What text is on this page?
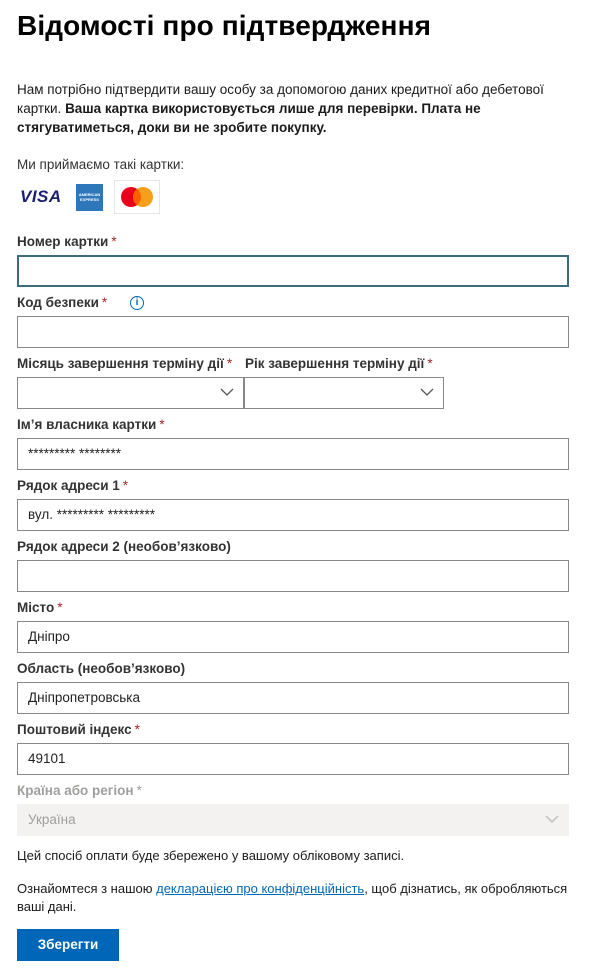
Відомості про підтвердження
Нам потрібно підтвердити вашу особу за допомогою даних кредитної або дебетової картки. Ваша картка використовується лише для перевірки. Плата не стягуватиметься, доки ви не зробите покупку.
Ми приймаємо такі картки:
VISA	AMERICAN EXPRESS
Номер картки *
Код безпеки *	i
Місяць завершення терміну дії * Рік завершення терміну дії *
Ім’я власника картки *
********* ********
Рядок адреси 1 *
вул. ********* *********
Рядок адреси 2 (необов’язково)
Місто *
Дніпро
Область (необов’язково)
Дніпропетровська
Поштовий індекс *
49101
Країна або регіон *
Україна
Цей спосіб оплати буде збережено у вашому обліковому записі.
Ознайомтеся з нашою декларацією про конфіденційність, щоб дізнатись, як обробляються ваші дані.
Зберегти
